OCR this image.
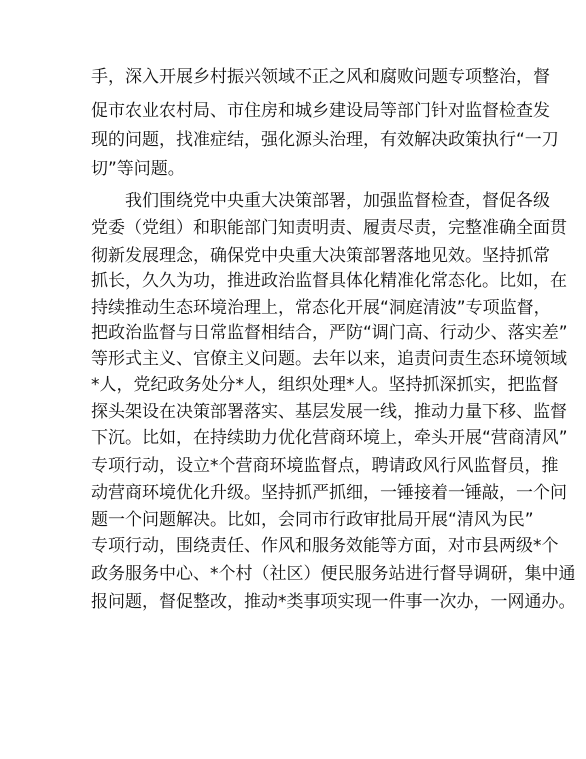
手，深入开展乡村振兴领域不正之风和腐败问题专项整治，督
促市农业农村局、市住房和城乡建设局等部门针对监督检查发
现的问题，找准症结，强化源头治理，有效解决政策执行“一刀
切”等问题。
我们围绕党中央重大决策部署，加强监督检查，督促各级
党委（党组）和职能部门知责明责、履责尽责，完整准确全面贯
彻新发展理念，确保党中央重大决策部署落地见效。坚持抓常
抓长，久久为功，推进政治监督具体化精准化常态化。比如，在
持续推动生态环境治理上，常态化开展“洞庭清波”专项监督，
把政治监督与日常监督相结合，严防“调门高、行动少、落实差”
等形式主义、官僚主义问题。去年以来，追责问责生态环境领域
*人，党纪政务处分*人，组织处理*人。坚持抓深抓实，把监督
探头架设在决策部署落实、基层发展一线，推动力量下移、监督
下沉。比如，在持续助力优化营商环境上，牵头开展“营商清风”
专项行动，设立*个营商环境监督点，聘请政风行风监督员，推
动营商环境优化升级。坚持抓严抓细，一锤接着一锤敲，一个问
题一个问题解决。比如，会同市行政审批局开展“清风为民”
专项行动，围绕责任、作风和服务效能等方面，对市县两级*个
政务服务中心、*个村（社区）便民服务站进行督导调研，集中通
报问题，督促整改，推动*类事项实现一件事一次办，一网通办。
